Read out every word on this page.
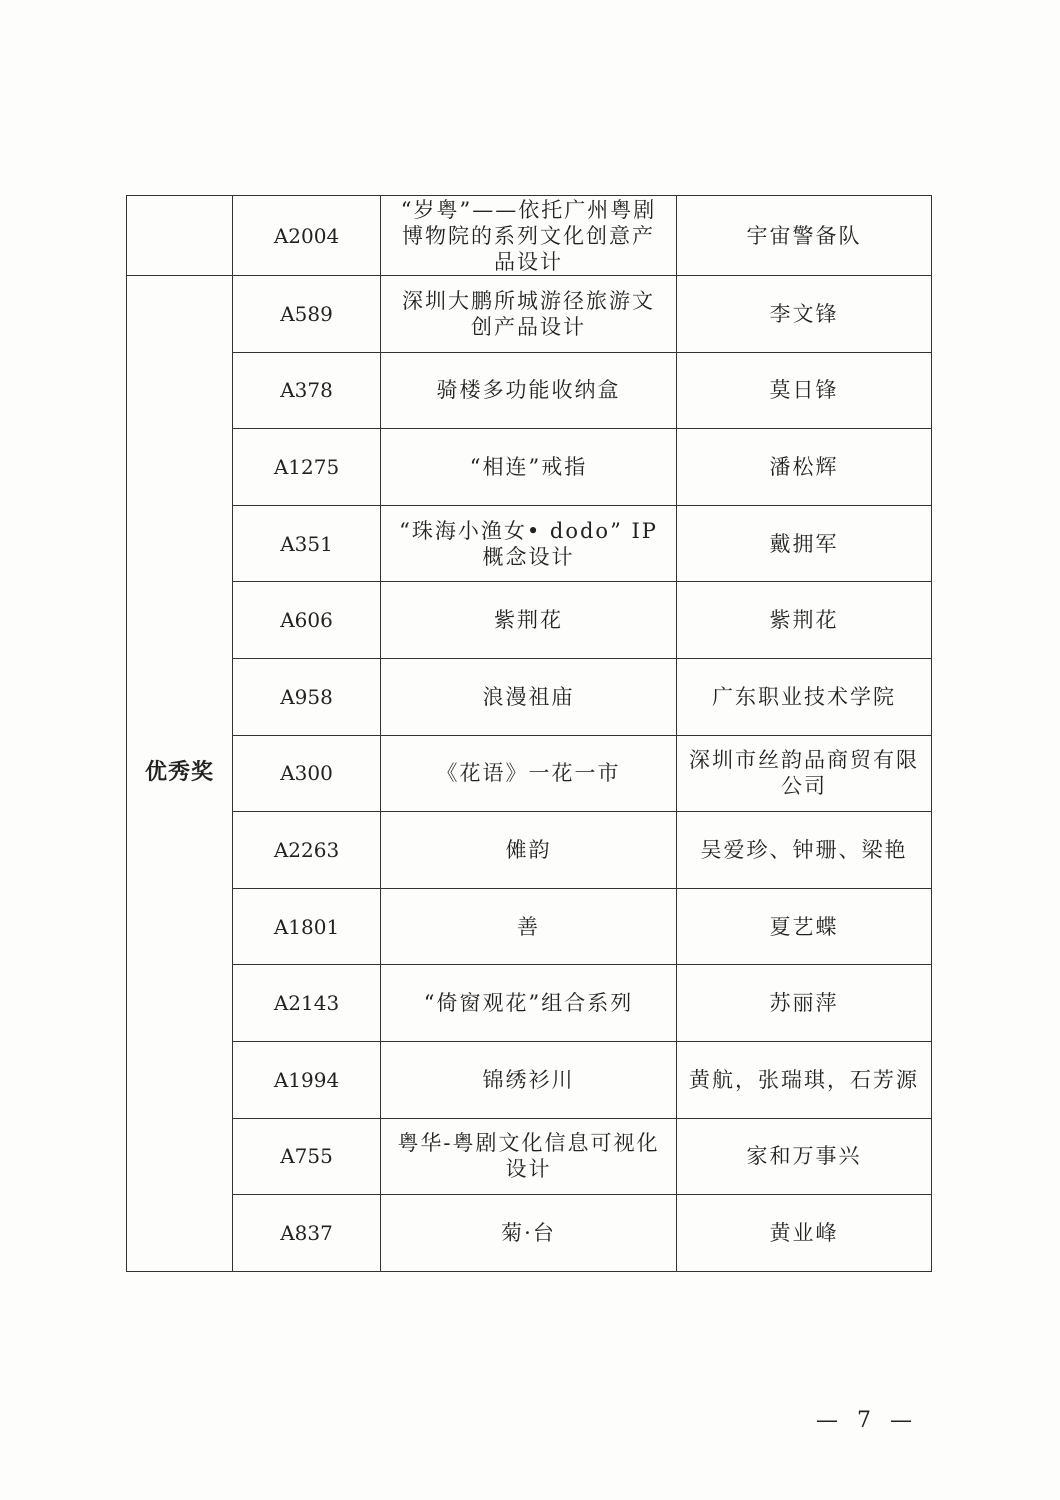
	A2004	“岁粤”——依托广州粤剧博物院的系列文化创意产品设计	宇宙警备队
优秀奖	A589	深圳大鹏所城游径旅游文创产品设计	李文锋
	A378	骑楼多功能收纳盒	莫日锋
	A1275	“相连”戒指	潘松辉
	A351	“珠海小渔女• dodo” IP 概念设计	戴拥军
	A606	紫荆花	紫荆花
	A958	浪漫祖庙	广东职业技术学院
	A300	《花语》一花一市	深圳市丝韵品商贸有限公司
	A2263	傩韵	吴爱珍、钟珊、梁艳
	A1801	善	夏艺蝶
	A2143	“倚窗观花”组合系列	苏丽萍
	A1994	锦绣衫川	黄航，张瑞琪，石芳源
	A755	粤华-粤剧文化信息可视化设计	家和万事兴
	A837	菊·台	黄业峰
— 7 —
